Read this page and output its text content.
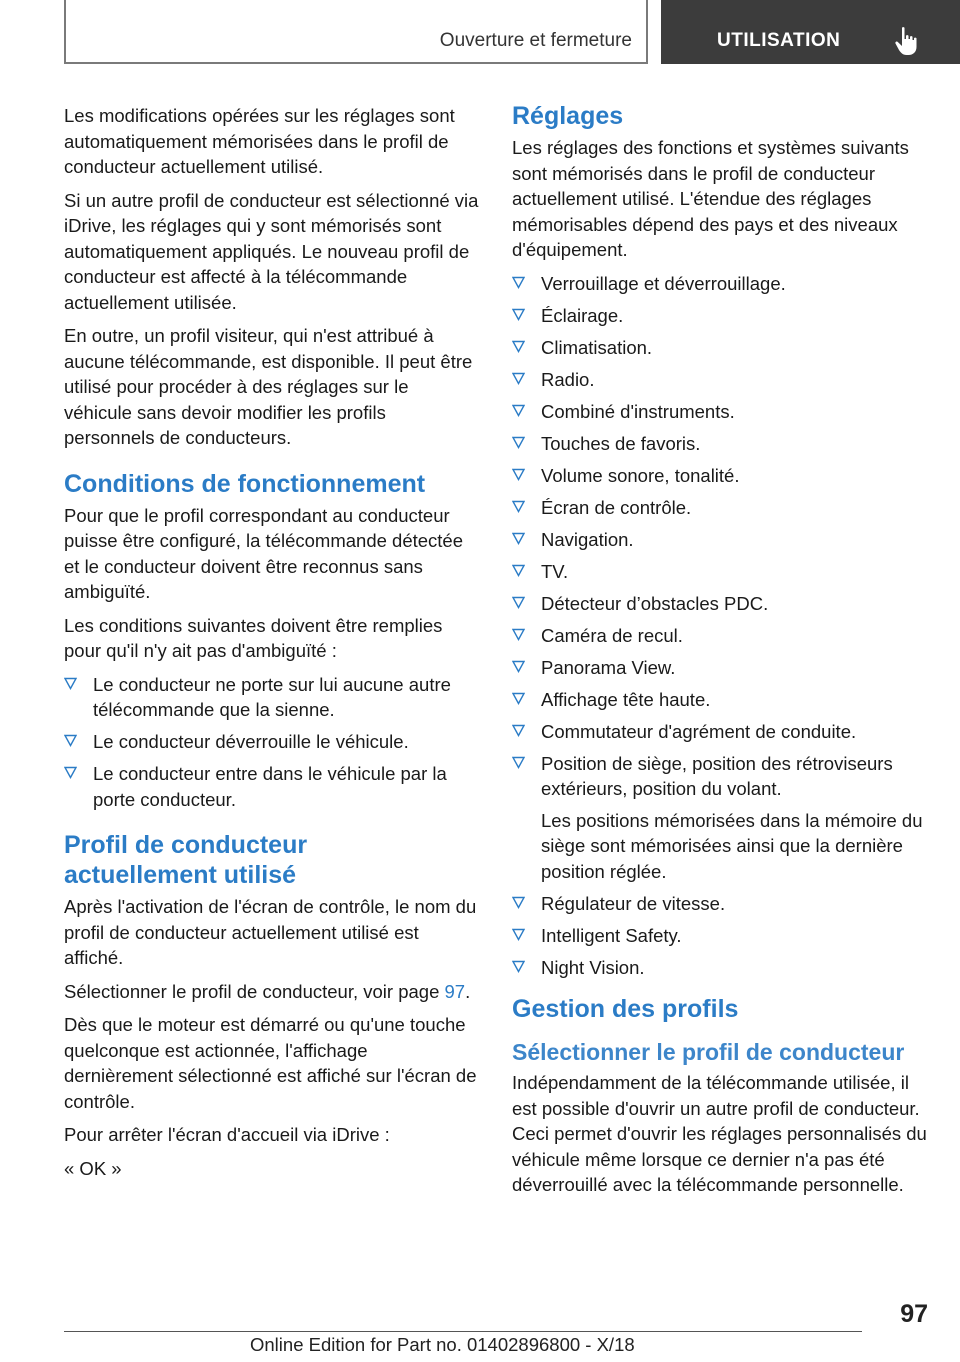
Ouverture et fermeture	UTILISATION

Les modifications opérées sur les réglages sont automatiquement mémorisées dans le profil de conducteur actuellement utilisé.

Si un autre profil de conducteur est sélectionné via iDrive, les réglages qui y sont mémorisés sont automatiquement appliqués. Le nouveau profil de conducteur est affecté à la télécommande actuellement utilisée.

En outre, un profil visiteur, qui n'est attribué à aucune télécommande, est disponible. Il peut être utilisé pour procéder à des réglages sur le véhicule sans devoir modifier les profils personnels de conducteurs.

Conditions de fonctionnement

Pour que le profil correspondant au conducteur puisse être configuré, la télécommande détectée et le conducteur doivent être reconnus sans ambiguïté.

Les conditions suivantes doivent être remplies pour qu'il n'y ait pas d'ambiguïté :

Le conducteur ne porte sur lui aucune autre télécommande que la sienne.
Le conducteur déverrouille le véhicule.
Le conducteur entre dans le véhicule par la porte conducteur.
Profil de conducteur
actuellement utilisé

Après l'activation de l'écran de contrôle, le nom du profil de conducteur actuellement utilisé est affiché.

Sélectionner le profil de conducteur, voir page 97.

Dès que le moteur est démarré ou qu'une touche quelconque est actionnée, l'affichage dernièrement sélectionné est affiché sur l'écran de contrôle.

Pour arrêter l'écran d'accueil via iDrive :

« OK »

Réglages

Les réglages des fonctions et systèmes suivants sont mémorisés dans le profil de conducteur actuellement utilisé. L'étendue des réglages mémorisables dépend des pays et des niveaux d'équipement.

Verrouillage et déverrouillage.
Éclairage.
Climatisation.
Radio.
Combiné d'instruments.
Touches de favoris.
Volume sonore, tonalité.
Écran de contrôle.
Navigation.
TV.
Détecteur d’obstacles PDC.
Caméra de recul.
Panorama View.
Affichage tête haute.
Commutateur d'agrément de conduite.
Position de siège, position des rétroviseurs extérieurs, position du volant.
Les positions mémorisées dans la mémoire du siège sont mémorisées ainsi que la dernière position réglée.
Régulateur de vitesse.
Intelligent Safety.
Night Vision.
Gestion des profils
Sélectionner le profil de conducteur

Indépendamment de la télécommande utilisée, il est possible d'ouvrir un autre profil de conducteur. Ceci permet d'ouvrir les réglages personnalisés du véhicule même lorsque ce dernier n'a pas été déverrouillé avec la télécommande personnelle.

97
Online Edition for Part no. 01402896800 - X/18
